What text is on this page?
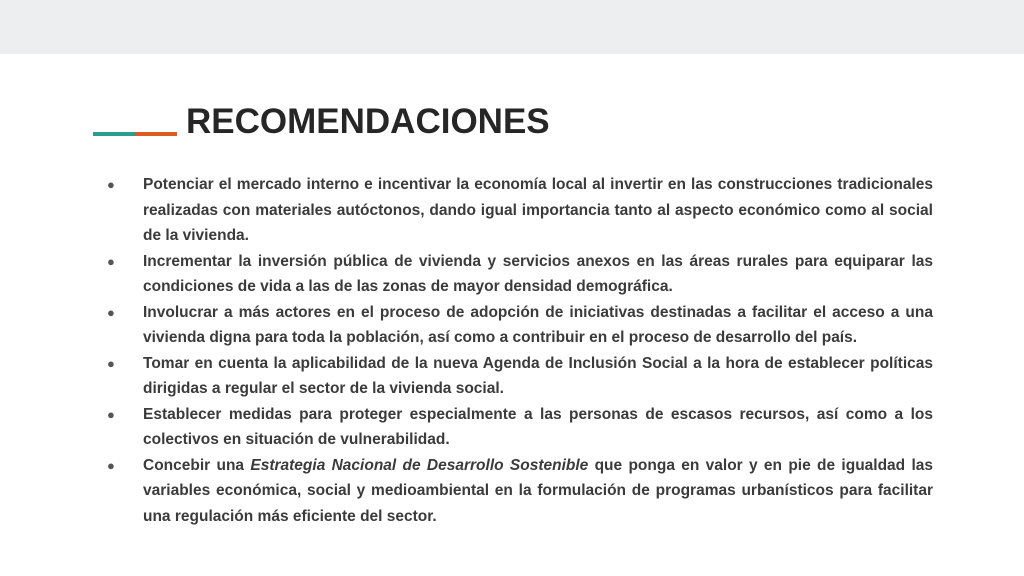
RECOMENDACIONES
● Potenciar el mercado interno e incentivar la economía local al invertir en las construcciones tradicionales realizadas con materiales autóctonos, dando igual importancia tanto al aspecto económico como al social de la vivienda.
● Incrementar la inversión pública de vivienda y servicios anexos en las áreas rurales para equiparar las condiciones de vida a las de las zonas de mayor densidad demográfica.
● Involucrar a más actores en el proceso de adopción de iniciativas destinadas a facilitar el acceso a una vivienda digna para toda la población, así como a contribuir en el proceso de desarrollo del país.
● Tomar en cuenta la aplicabilidad de la nueva Agenda de Inclusión Social a la hora de establecer políticas dirigidas a regular el sector de la vivienda social.
● Establecer medidas para proteger especialmente a las personas de escasos recursos, así como a los colectivos en situación de vulnerabilidad.
● Concebir una Estrategia Nacional de Desarrollo Sostenible que ponga en valor y en pie de igualdad las variables económica, social y medioambiental en la formulación de programas urbanísticos para facilitar una regulación más eficiente del sector.
